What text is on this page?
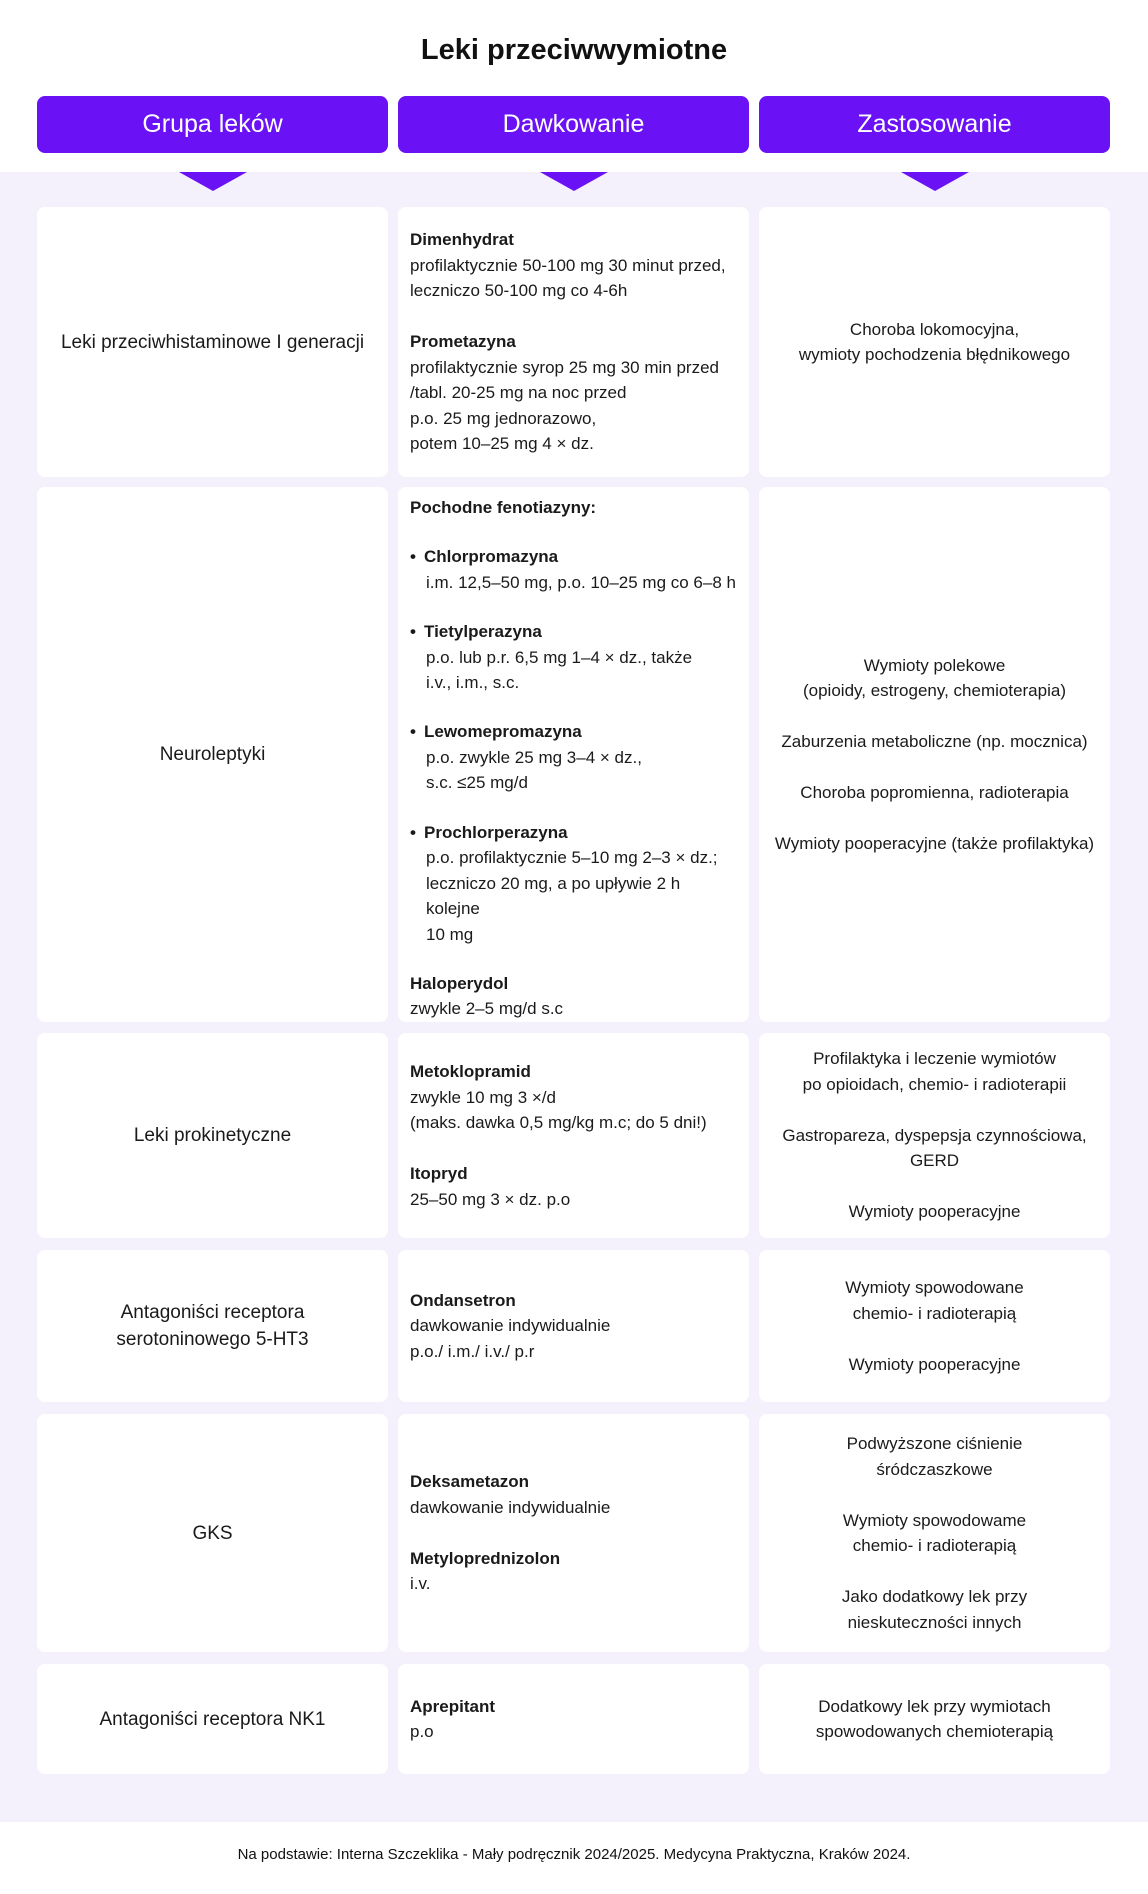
Leki przeciwwymiotne
Grupa leków	Dawkowanie	Zastosowanie
Leki przeciwhistaminowe I generacji
Dimenhydrat
profilaktycznie 50-100 mg 30 minut przed,
leczniczo 50-100 mg co 4-6h
Prometazyna
profilaktycznie syrop 25 mg 30 min przed
/tabl. 20-25 mg na noc przed
p.o. 25 mg jednorazowo,
potem 10–25 mg 4 × dz.
Choroba lokomocyjna,
wymioty pochodzenia błędnikowego
Neuroleptyki
Pochodne fenotiazyny:
• Chlorpromazyna
i.m. 12,5–50 mg, p.o. 10–25 mg co 6–8 h
• Tietylperazyna
p.o. lub p.r. 6,5 mg 1–4 × dz., także
i.v., i.m., s.c.
• Lewomepromazyna
p.o. zwykle 25 mg 3–4 × dz.,
s.c. ≤25 mg/d
• Prochlorperazyna
p.o. profilaktycznie 5–10 mg 2–3 × dz.;
leczniczo 20 mg, a po upływie 2 h kolejne
10 mg
Haloperydol
zwykle 2–5 mg/d s.c
Wymioty polekowe
(opioidy, estrogeny, chemioterapia)
Zaburzenia metaboliczne (np. mocznica)
Choroba popromienna, radioterapia
Wymioty pooperacyjne (także profilaktyka)
Leki prokinetyczne
Metoklopramid
zwykle 10 mg 3 ×/d
(maks. dawka 0,5 mg/kg m.c; do 5 dni!)
Itopryd
25–50 mg 3 × dz. p.o
Profilaktyka i leczenie wymiotów
po opioidach, chemio- i radioterapii
Gastropareza, dyspepsja czynnościowa,
GERD
Wymioty pooperacyjne
Antagoniści receptora
serotoninowego 5-HT3
Ondansetron
dawkowanie indywidualnie
p.o./ i.m./ i.v./ p.r
Wymioty spowodowane
chemio- i radioterapią
Wymioty pooperacyjne
GKS
Deksametazon
dawkowanie indywidualnie
Metyloprednizolon
i.v.
Podwyższone ciśnienie
śródczaszkowe
Wymioty spowodowame
chemio- i radioterapią
Jako dodatkowy lek przy
nieskuteczności innych
Antagoniści receptora NK1
Aprepitant
p.o
Dodatkowy lek przy wymiotach
spowodowanych chemioterapią
Na podstawie: Interna Szczeklika - Mały podręcznik 2024/2025. Medycyna Praktyczna, Kraków 2024.
